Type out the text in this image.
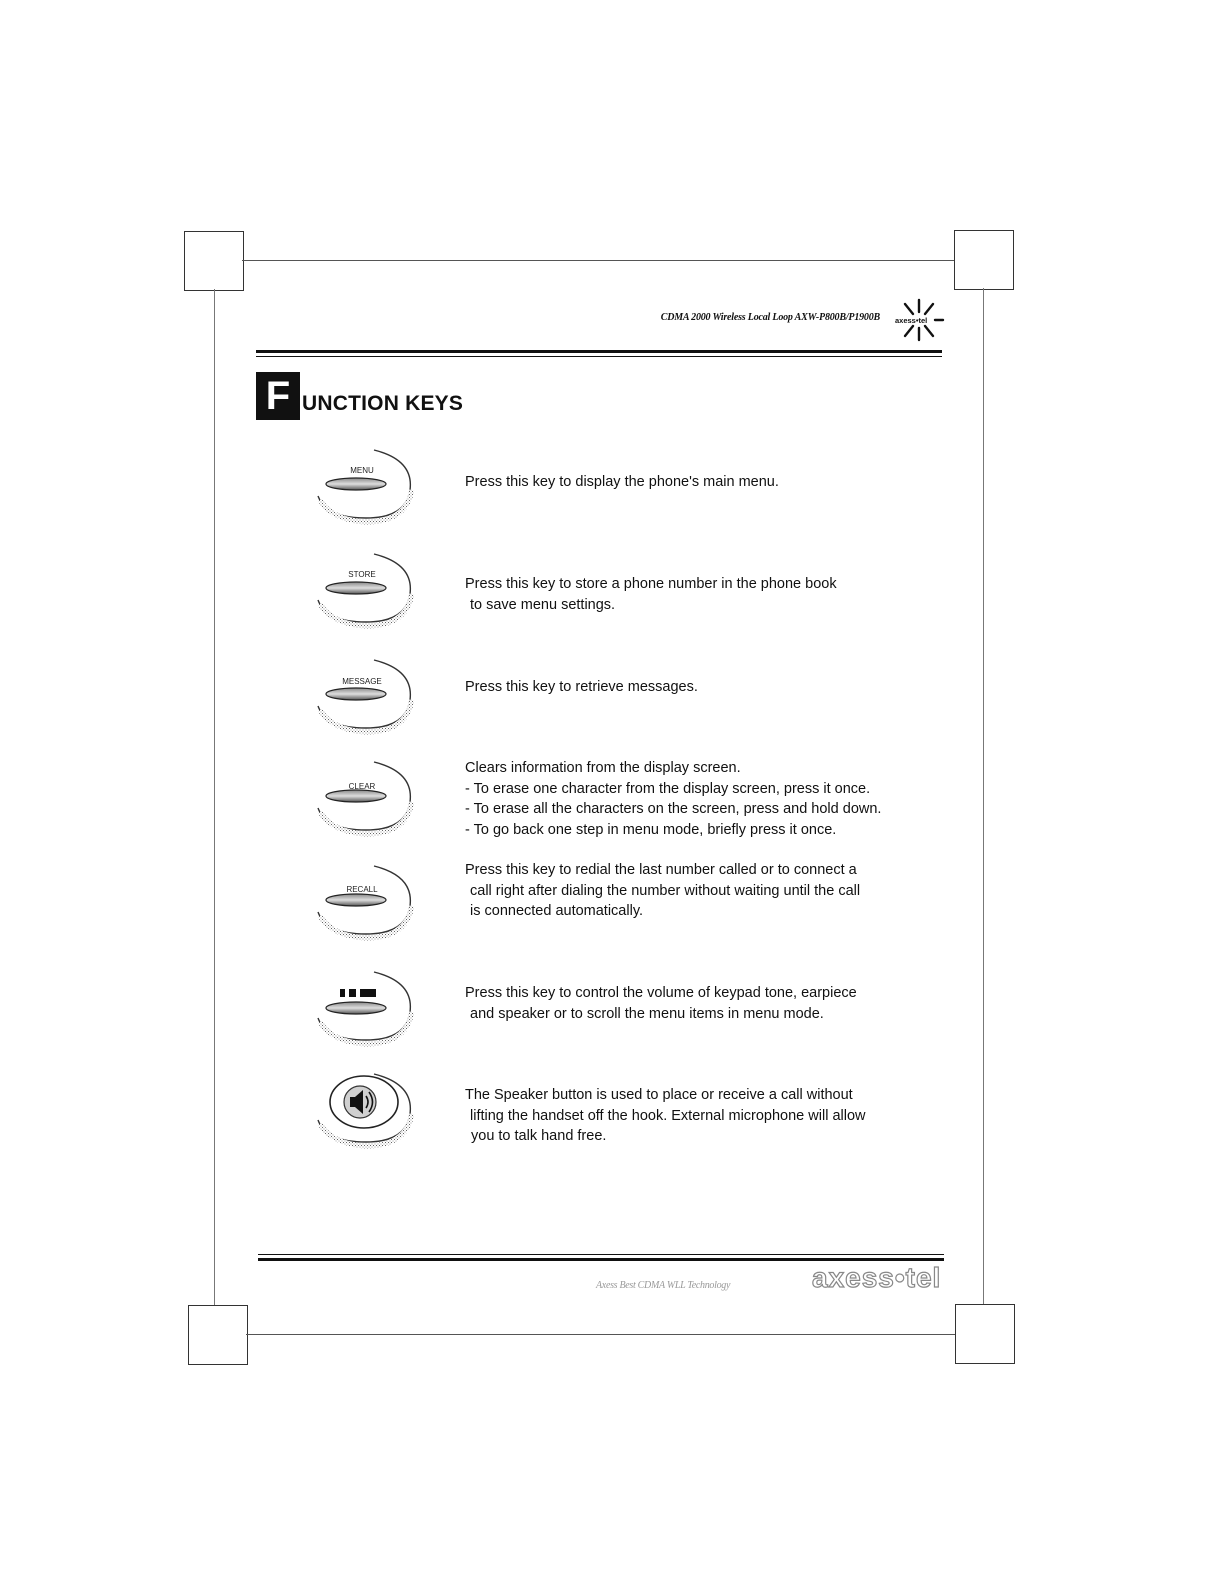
CDMA 2000 Wireless Local Loop AXW-P800B/P1900B axess•tel
F UNCTION KEYS
MENU
Press this key to display the phone's main menu.
STORE
Press this key to store a phone number in the phone book
to save menu settings.
MESSAGE	Press this key to retrieve messages.
CLEAR
Clears information from the display screen.
- To erase one character from the display screen, press it once.
- To erase all the characters on the screen, press and hold down.
- To go back one step in menu mode, briefly press it once.
RECALL
Press this key to redial the last number called or to connect a
call right after dialing the number without waiting until the call
is connected automatically.
Press this key to control the volume of keypad tone, earpiece
and speaker or to scroll the menu items in menu mode.
The Speaker button is used to place or receive a call without
lifting the handset off the hook. External microphone will allow
you to talk hand free.
Axess Best CDMA WLL Technology	axess•tel
